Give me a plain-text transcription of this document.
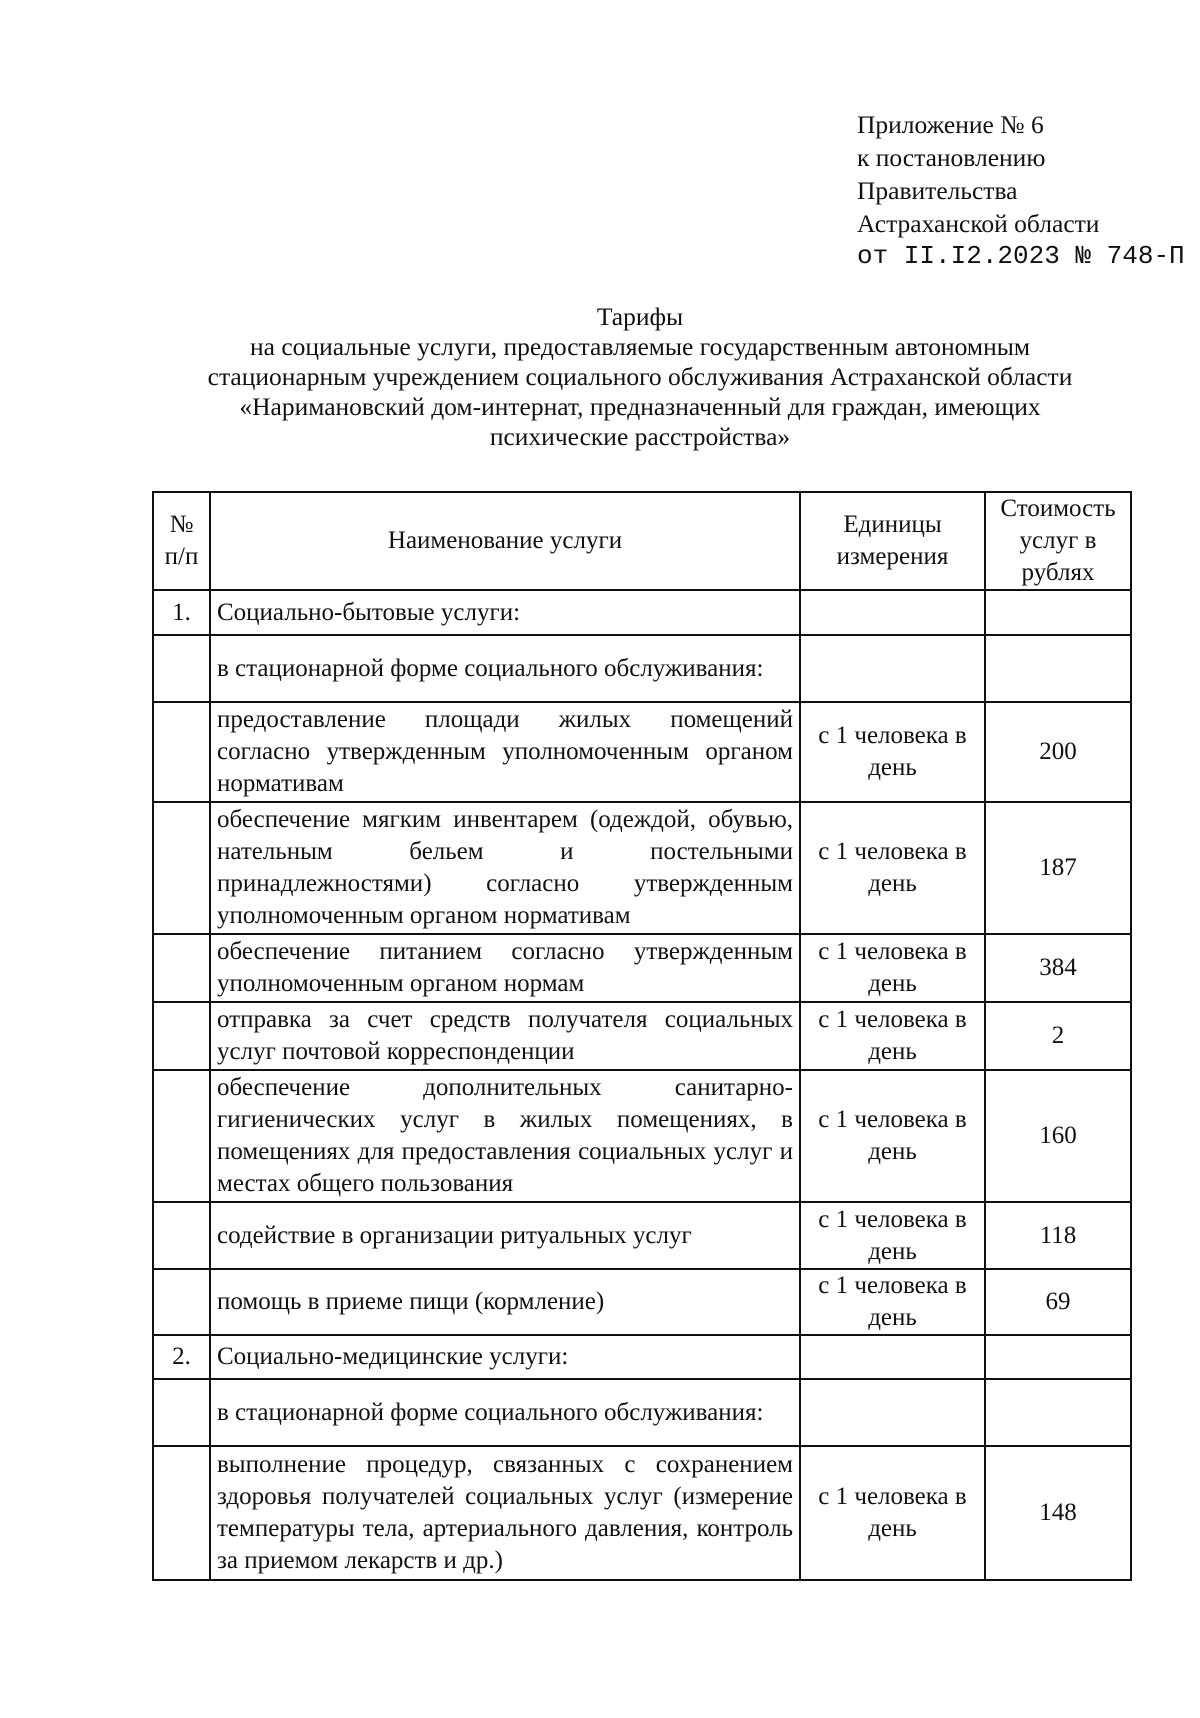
Приложение № 6
к постановлению
Правительства
Астраханской области
от II.I2.2023 № 748-П
Тарифы
на социальные услуги, предоставляемые государственным автономным
стационарным учреждением социального обслуживания Астраханской области
«Наримановский дом-интернат, предназначенный для граждан, имеющих
психические расстройства»
№ п/п	Наименование услуги	Единицы измерения	Стоимость услуг в рублях
1.	Социально-бытовые услуги:		
	в стационарной форме социального обслуживания:		
	предоставление площади жилых помещений согласно утвержденным уполномоченным органом нормативам	с 1 человека в день	200
	обеспечение мягким инвентарем (одеждой, обувью, нательным бельем и постельными принадлежностями) согласно утвержденным уполномоченным органом нормативам	с 1 человека в день	187
	обеспечение питанием согласно утвержденным уполномоченным органом нормам	с 1 человека в день	384
	отправка за счет средств получателя социальных услуг почтовой корреспонденции	с 1 человека в день	2
	обеспечение дополнительных санитарно-гигиенических услуг в жилых помещениях, в помещениях для предоставления социальных услуг и местах общего пользования	с 1 человека в день	160
	содействие в организации ритуальных услуг	с 1 человека в день	118
	помощь в приеме пищи (кормление)	с 1 человека в день	69
2.	Социально-медицинские услуги:		
	в стационарной форме социального обслуживания:		
	выполнение процедур, связанных с сохранением здоровья получателей социальных услуг (измерение температуры тела, артериального давления, контроль за приемом лекарств и др.)	с 1 человека в день	148
